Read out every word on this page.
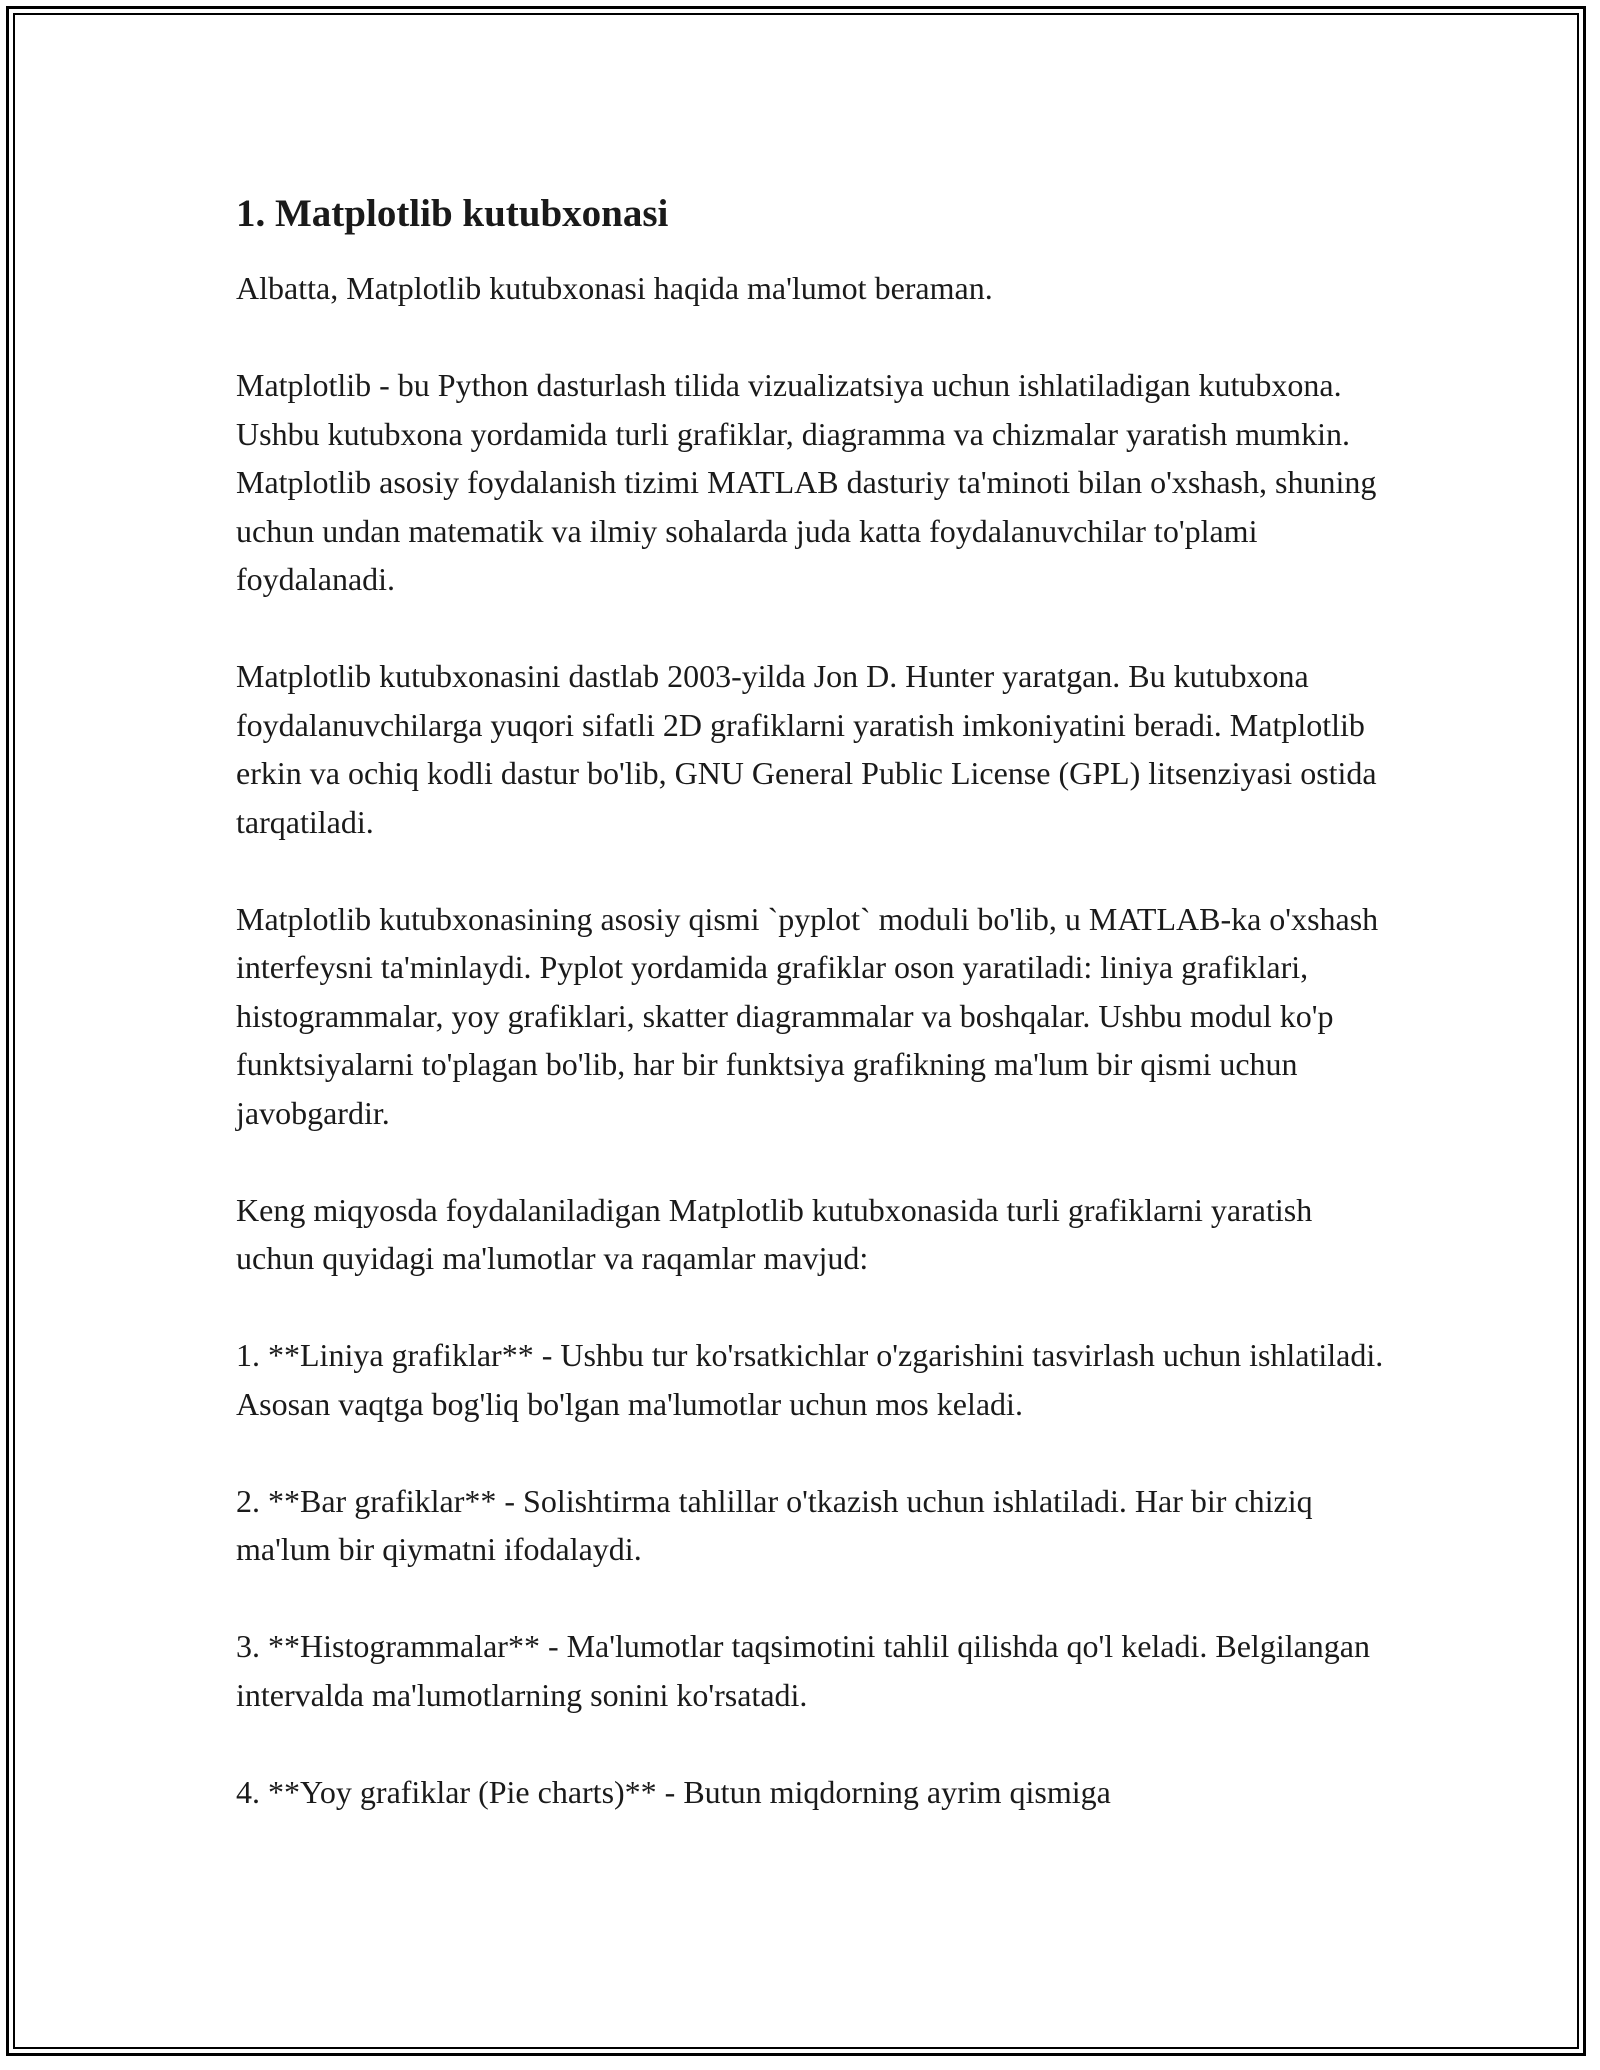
1. Matplotlib kutubxonasi

Albatta, Matplotlib kutubxonasi haqida ma'lumot beraman.

Matplotlib - bu Python dasturlash tilida vizualizatsiya uchun ishlatiladigan kutubxona. Ushbu kutubxona yordamida turli grafiklar, diagramma va chizmalar yaratish mumkin. Matplotlib asosiy foydalanish tizimi MATLAB dasturiy ta'minoti bilan o'xshash, shuning uchun undan matematik va ilmiy sohalarda juda katta foydalanuvchilar to'plami foydalanadi.

Matplotlib kutubxonasini dastlab 2003-yilda Jon D. Hunter yaratgan. Bu kutubxona foydalanuvchilarga yuqori sifatli 2D grafiklarni yaratish imkoniyatini beradi. Matplotlib erkin va ochiq kodli dastur bo'lib, GNU General Public License (GPL) litsenziyasi ostida tarqatiladi.

Matplotlib kutubxonasining asosiy qismi `pyplot` moduli bo'lib, u MATLAB-ka o'xshash interfeysni ta'minlaydi. Pyplot yordamida grafiklar oson yaratiladi: liniya grafiklari, histogrammalar, yoy grafiklari, skatter diagrammalar va boshqalar. Ushbu modul ko'p funktsiyalarni to'plagan bo'lib, har bir funktsiya grafikning ma'lum bir qismi uchun javobgardir.

Keng miqyosda foydalaniladigan Matplotlib kutubxonasida turli grafiklarni yaratish uchun quyidagi ma'lumotlar va raqamlar mavjud:

1. **Liniya grafiklar** - Ushbu tur ko'rsatkichlar o'zgarishini tasvirlash uchun ishlatiladi. Asosan vaqtga bog'liq bo'lgan ma'lumotlar uchun mos keladi.

2. **Bar grafiklar** - Solishtirma tahlillar o'tkazish uchun ishlatiladi. Har bir chiziq ma'lum bir qiymatni ifodalaydi.

3. **Histogrammalar** - Ma'lumotlar taqsimotini tahlil qilishda qo'l keladi. Belgilangan intervalda ma'lumotlarning sonini ko'rsatadi.

4. **Yoy grafiklar (Pie charts)** - Butun miqdorning ayrim qismiga
